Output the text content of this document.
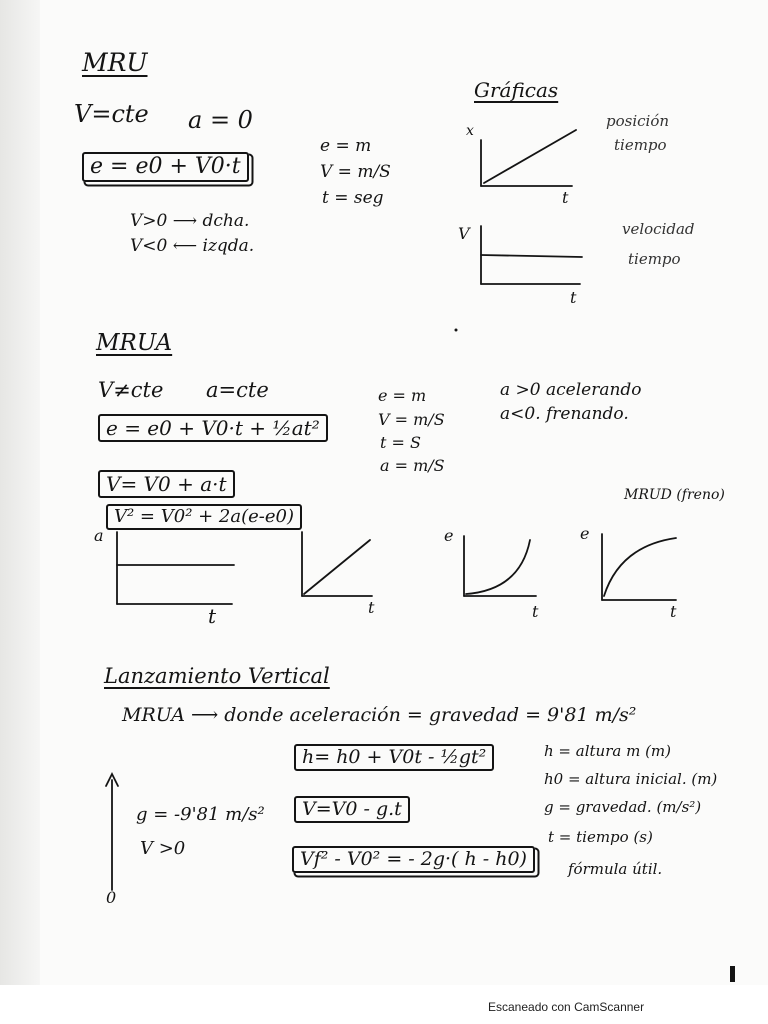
MRU
V=cte a = 0
e = e0 + V0·t
e = m
V = m/S
t = seg
V>0 ⟶ dcha.
V<0 ⟵ izqda.
Gráficas
posición
tiempo
velocidad
tiempo
x
t
V
t
MRUA
V≠cte a=cte
e = e0 + V0·t + ½at²
V= V0 + a·t
V² = V0² + 2a(e-e0)
e = m
V = m/S
t = S
a = m/S
a >0 acelerando
a<0. frenando.
MRUD (freno)
a
t	t
e
t
e
t
Lanzamiento Vertical
MRUA ⟶ donde aceleración = gravedad = 9'81 m/s²
h= h0 + V0t - ½gt²
V=V0 - g.t
Vf² - V0² = - 2g·( h - h0)
g = -9'81 m/s²
V >0
0
h = altura m (m)
h0 = altura inicial. (m)
g = gravedad. (m/s²)
t = tiempo (s)
fórmula útil.
Escaneado con CamScanner
